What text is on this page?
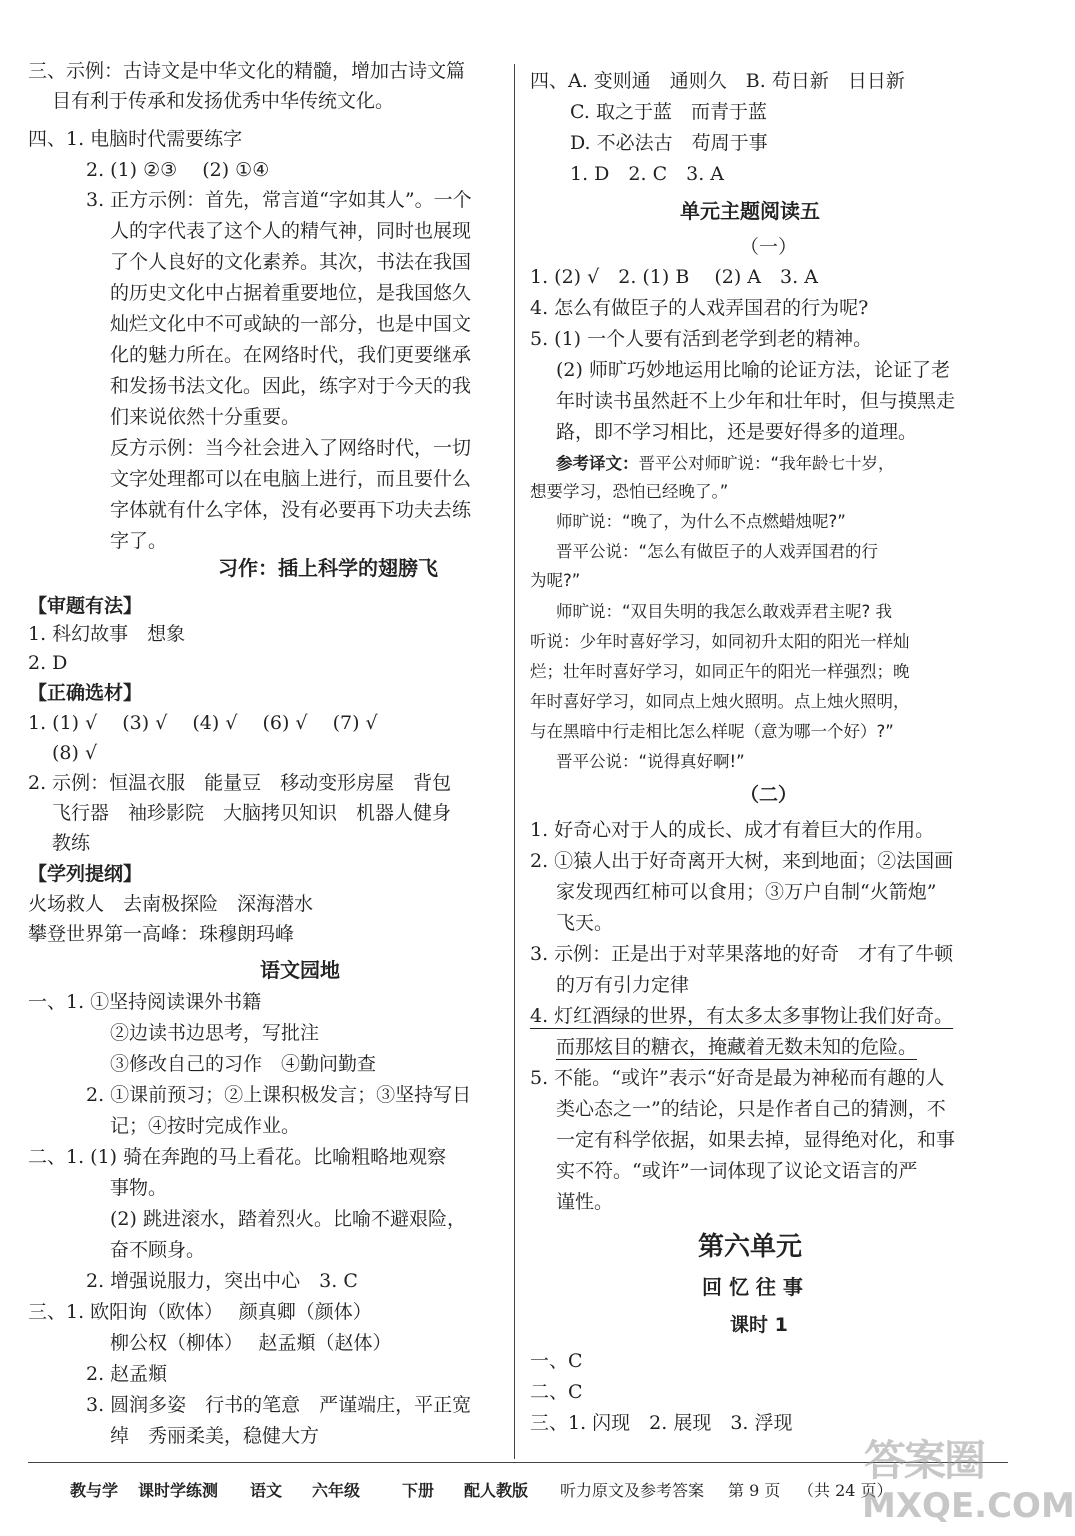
三、示例：古诗文是中华文化的精髓，增加古诗文篇
目有利于传承和发扬优秀中华传统文化。
四、1. 电脑时代需要练字
2. (1) ②③　 (2) ①④
3. 正方示例：首先，常言道“字如其人”。一个
人的字代表了这个人的精气神，同时也展现
了个人良好的文化素养。其次，书法在我国
的历史文化中占据着重要地位，是我国悠久
灿烂文化中不可或缺的一部分，也是中国文
化的魅力所在。在网络时代，我们更要继承
和发扬书法文化。因此，练字对于今天的我
们来说依然十分重要。
反方示例：当今社会进入了网络时代，一切
文字处理都可以在电脑上进行，而且要什么
字体就有什么字体，没有必要再下功夫去练
字了。
习作：插上科学的翅膀飞
【审题有法】
1. 科幻故事　想象
2. D
【正确选材】
1. (1) √　 (3) √　 (4) √　 (6) √　 (7) √
(8) √
2. 示例：恒温衣服　能量豆　移动变形房屋　背包
飞行器　袖珍影院　大脑拷贝知识　机器人健身
教练
【学列提纲】
火场救人　去南极探险　深海潜水
攀登世界第一高峰：珠穆朗玛峰
语文园地
一、1. ①坚持阅读课外书籍
②边读书边思考，写批注
③修改自己的习作　④勤问勤查
2. ①课前预习；②上课积极发言；③坚持写日
记；④按时完成作业。
二、1. (1) 骑在奔跑的马上看花。比喻粗略地观察
事物。
(2) 跳进滚水，踏着烈火。比喻不避艰险，
奋不顾身。
2. 增强说服力，突出中心　3. C
三、1. 欧阳询（欧体）　 颜真卿（颜体）
柳公权（柳体）　 赵孟頫（赵体）
2. 赵孟頫
3. 圆润多姿　行书的笔意　严谨端庄，平正宽
绰　秀丽柔美，稳健大方
四、A. 变则通　通则久　B. 苟日新　日日新
C. 取之于蓝　而青于蓝
D. 不必法古　苟周于事
1. D　2. C　3. A
单元主题阅读五
（一）
1. (2) √　2. (1) B　 (2) A　3. A
4. 怎么有做臣子的人戏弄国君的行为呢?
5. (1) 一个人要有活到老学到老的精神。
(2) 师旷巧妙地运用比喻的论证方法，论证了老
年时读书虽然赶不上少年和壮年时，但与摸黑走
路，即不学习相比，还是要好得多的道理。
参考译文：晋平公对师旷说：“我年龄七十岁，
想要学习，恐怕已经晚了。”
师旷说：“晚了，为什么不点燃蜡烛呢?”
晋平公说：“怎么有做臣子的人戏弄国君的行
为呢?”
师旷说：“双目失明的我怎么敢戏弄君主呢? 我
听说：少年时喜好学习，如同初升太阳的阳光一样灿
烂；壮年时喜好学习，如同正午的阳光一样强烈；晚
年时喜好学习，如同点上烛火照明。点上烛火照明，
与在黑暗中行走相比怎么样呢（意为哪一个好）?”
晋平公说：“说得真好啊!”
（二）
1. 好奇心对于人的成长、成才有着巨大的作用。
2. ①猿人出于好奇离开大树，来到地面；②法国画
家发现西红柿可以食用；③万户自制“火箭炮”
飞天。
3. 示例：正是出于对苹果落地的好奇　才有了牛顿
的万有引力定律
4. 灯红酒绿的世界，有太多太多事物让我们好奇。
而那炫目的糖衣，掩藏着无数未知的危险。
5. 不能。“或许”表示“好奇是最为神秘而有趣的人
类心态之一”的结论，只是作者自己的猜测，不
一定有科学依据，如果去掉，显得绝对化，和事
实不符。“或许”一词体现了议论文语言的严
谨性。
第六单元
回 忆 往 事
课时 1
一、C
二、C
三、1. 闪现　2. 展现　3. 浮现
教与学 课时学练测 语文 六年级	下册 配人教版 听力原文及参考答案 第 9 页 （共 24 页）
答案圈
MXQE.COM
